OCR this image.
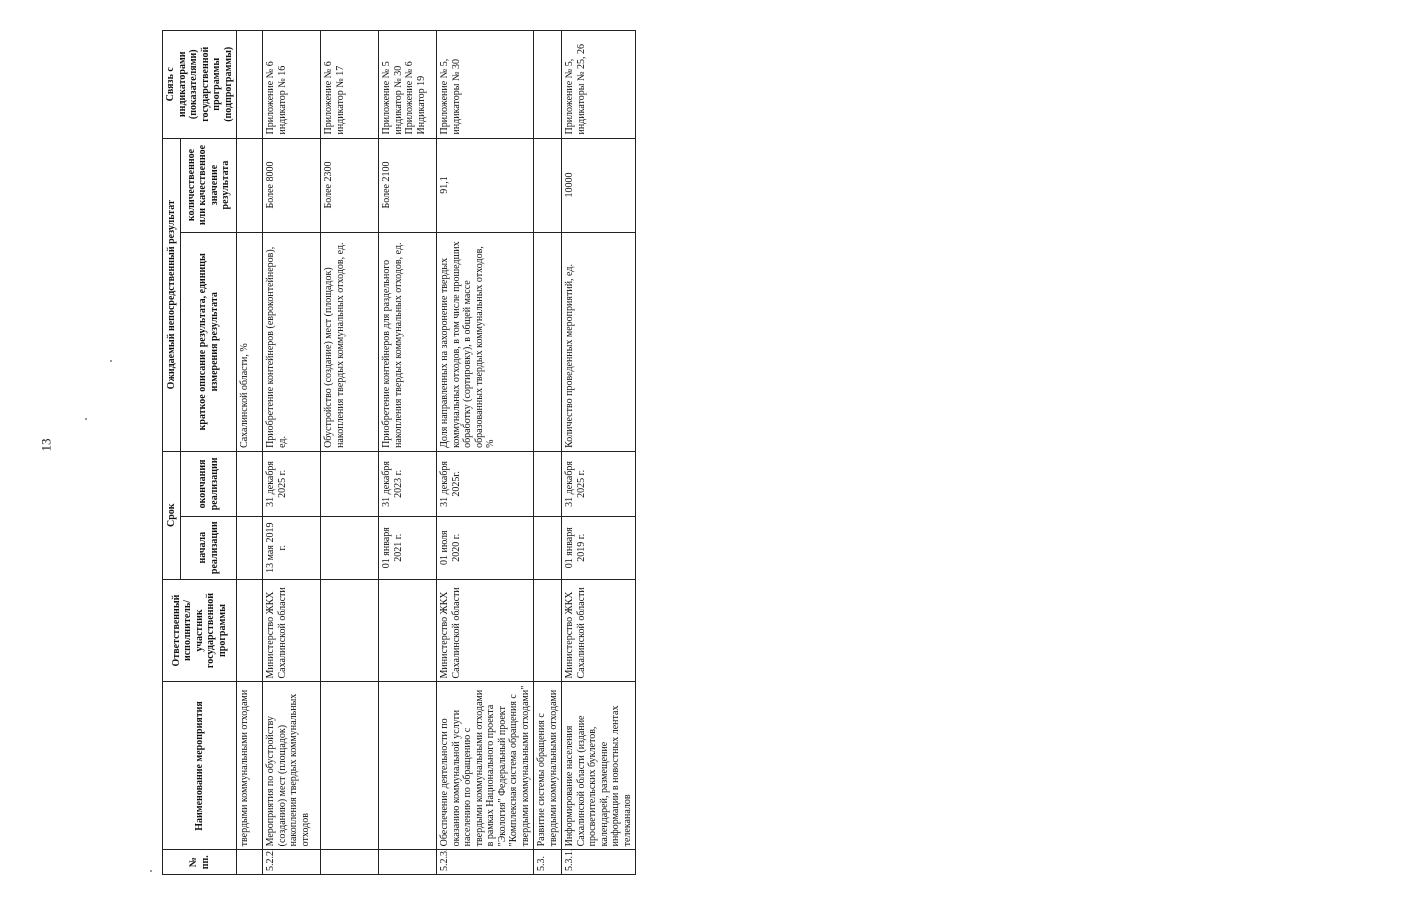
13
№ пп.	Наименование мероприятия	Ответственный исполнитель/участник государственной программы	Срок		Ожидаемый непосредственный результат		Связь с индикаторами (показателями) государственной программы (подпрограммы)
			начала реализации	окончания реализации	краткое описание результата, единицы измерения результата	количественное или качественное значение результата	
	твердыми коммунальными отходами				Сахалинской области, %		
5.2.2.	Мероприятия по обустройству (созданию) мест (площадок) накопления твердых коммунальных отходов	Министерство ЖКХ Сахалинской области	13 мая 2019 г.	31 декабря 2025 г.	Приобретение контейнеров (евроконтейнеров), ед.	Более 8000	Приложение № 6 индикатор № 16
					Обустройство (создание) мест (площадок) накопления твердых коммунальных отходов, ед.	Более 2300	Приложение № 6 индикатор № 17
			01 января 2021 г.	31 декабря 2023 г.	Приобретение контейнеров для раздельного накопления твердых коммунальных отходов, ед.	Более 2100	Приложение № 5 индикатор № 30 Приложение № 6 Индикатор 19
5.2.3.	Обеспечение деятельности по оказанию коммунальной услуги населению по обращению с твердыми коммунальными отходами в рамках Национального проекта "Экология" Федеральный проект "Комплексная система обращения с твердыми коммунальными отходами"	Министерство ЖКХ Сахалинской области	01 июля 2020 г.	31 декабря 2025г.	Доля направленных на захоронение твердых коммунальных отходов, в том числе прошедших обработку (сортировку), в общей массе образованных твердых коммунальных отходов, %	91,1	Приложение № 5, индикаторы № 30
5.3.	Развитие системы обращения с твердыми коммунальными отходами						
5.3.1.	Информирование населения Сахалинской области (издание просветительских буклетов, календарей, размещение информации в новостных лентах телеканалов	Министерство ЖКХ Сахалинской области	01 января 2019 г.	31 декабря 2025 г.	Количество проведенных мероприятий, ед.	10000	Приложение № 5, индикаторы № 25, 26
